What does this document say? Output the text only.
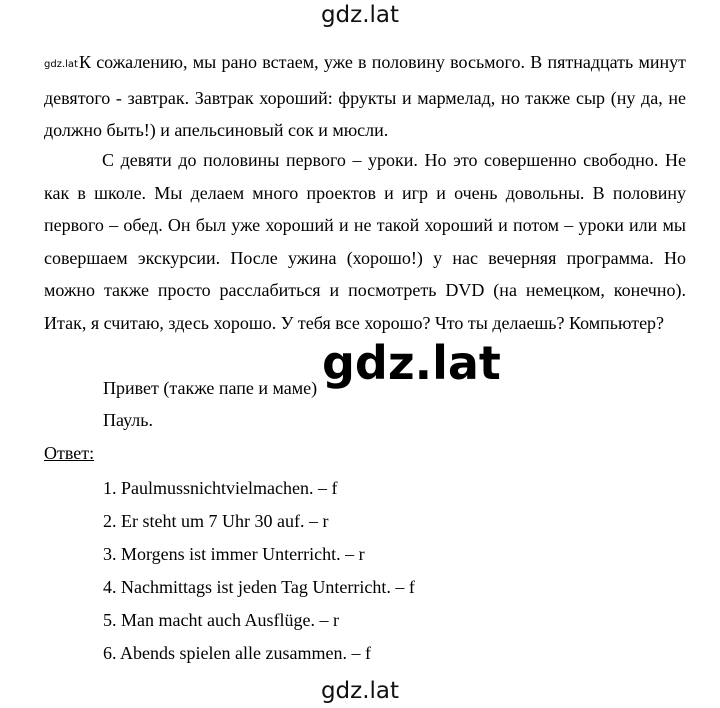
gdz.lat
gdz.latК сожалению, мы рано встаем, уже в половину восьмого. В пятнадцать минут девятого - завтрак. Завтрак хороший: фрукты и мармелад, но также сыр (ну да, не должно быть!) и апельсиновый сок и мюсли.
С девяти до половины первого – уроки. Но это совершенно свободно. Не как в школе. Мы делаем много проектов и игр и очень довольны. В половину первого – обед. Он был уже хороший и не такой хороший и потом – уроки или мы совершаем экскурсии. После ужина (хорошо!) у нас вечерняя программа. Но можно также просто расслабиться и посмотреть DVD (на немецком, конечно). Итак, я считаю, здесь хорошо. У тебя все хорошо? Что ты делаешь? Компьютер?
Привет (также папе и маме)
Пауль.
gdz.lat
Ответ:
1. Paulmussnichtvielmachen. – f
2. Er steht um 7 Uhr 30 auf. – r
3. Morgens ist immer Unterricht. – r
4. Nachmittags ist jeden Tag Unterricht. – f
5. Man macht auch Ausflüge. – r
6. Abends spielen alle zusammen. – f
gdz.lat
